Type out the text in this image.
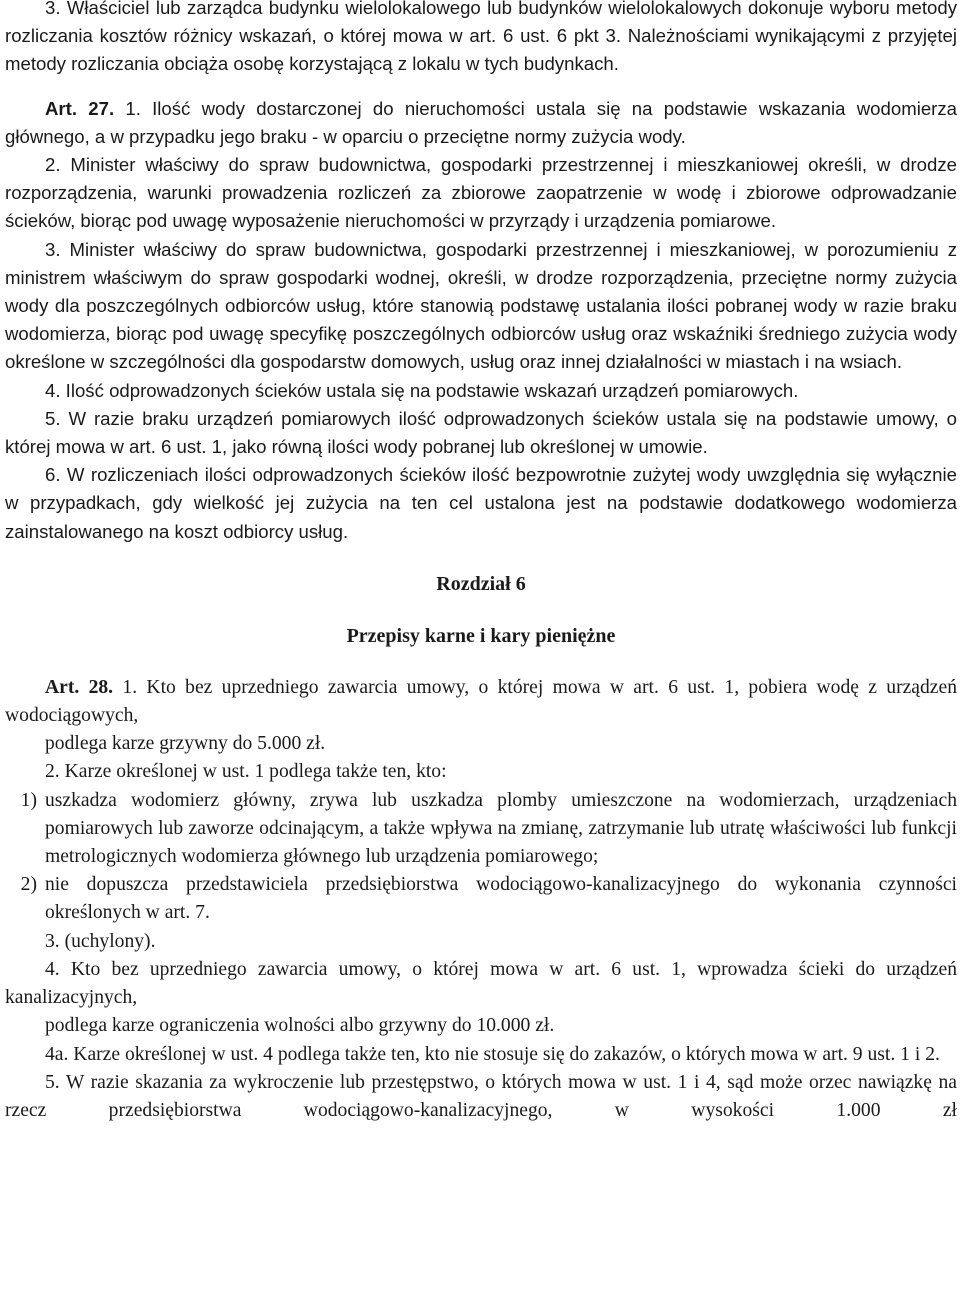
3. Właściciel lub zarządca budynku wielolokalowego lub budynków wielolokalowych dokonuje wyboru metody rozliczania kosztów różnicy wskazań, o której mowa w art. 6 ust. 6 pkt 3. Należnościami wynikającymi z przyjętej metody rozliczania obciąża osobę korzystającą z lokalu w tych budynkach.

Art. 27. 1. Ilość wody dostarczonej do nieruchomości ustala się na podstawie wskazania wodomierza głównego, a w przypadku jego braku - w oparciu o przeciętne normy zużycia wody.

2. Minister właściwy do spraw budownictwa, gospodarki przestrzennej i mieszkaniowej określi, w drodze rozporządzenia, warunki prowadzenia rozliczeń za zbiorowe zaopatrzenie w wodę i zbiorowe odprowadzanie ścieków, biorąc pod uwagę wyposażenie nieruchomości w przyrządy i urządzenia pomiarowe.

3. Minister właściwy do spraw budownictwa, gospodarki przestrzennej i mieszkaniowej, w porozumieniu z ministrem właściwym do spraw gospodarki wodnej, określi, w drodze rozporządzenia, przeciętne normy zużycia wody dla poszczególnych odbiorców usług, które stanowią podstawę ustalania ilości pobranej wody w razie braku wodomierza, biorąc pod uwagę specyfikę poszczególnych odbiorców usług oraz wskaźniki średniego zużycia wody określone w szczególności dla gospodarstw domowych, usług oraz innej działalności w miastach i na wsiach.

4. Ilość odprowadzonych ścieków ustala się na podstawie wskazań urządzeń pomiarowych.

5. W razie braku urządzeń pomiarowych ilość odprowadzonych ścieków ustala się na podstawie umowy, o której mowa w art. 6 ust. 1, jako równą ilości wody pobranej lub określonej w umowie.

6. W rozliczeniach ilości odprowadzonych ścieków ilość bezpowrotnie zużytej wody uwzględnia się wyłącznie w przypadkach, gdy wielkość jej zużycia na ten cel ustalona jest na podstawie dodatkowego wodomierza zainstalowanego na koszt odbiorcy usług.

Rozdział 6

Przepisy karne i kary pieniężne

Art. 28. 1. Kto bez uprzedniego zawarcia umowy, o której mowa w art. 6 ust. 1, pobiera wodę z urządzeń wodociągowych,

podlega karze grzywny do 5.000 zł.

2. Karze określonej w ust. 1 podlega także ten, kto:

1) uszkadza wodomierz główny, zrywa lub uszkadza plomby umieszczone na wodomierzach, urządzeniach pomiarowych lub zaworze odcinającym, a także wpływa na zmianę, zatrzymanie lub utratę właściwości lub funkcji metrologicznych wodomierza głównego lub urządzenia pomiarowego;

2) nie dopuszcza przedstawiciela przedsiębiorstwa wodociągowo-kanalizacyjnego do wykonania czynności określonych w art. 7.

3. (uchylony).

4. Kto bez uprzedniego zawarcia umowy, o której mowa w art. 6 ust. 1, wprowadza ścieki do urządzeń kanalizacyjnych,

podlega karze ograniczenia wolności albo grzywny do 10.000 zł.

4a. Karze określonej w ust. 4 podlega także ten, kto nie stosuje się do zakazów, o których mowa w art. 9 ust. 1 i 2.

5. W razie skazania za wykroczenie lub przestępstwo, o których mowa w ust. 1 i 4, sąd może orzec nawiązkę na rzecz przedsiębiorstwa wodociągowo-kanalizacyjnego, w wysokości 1.000 zł
